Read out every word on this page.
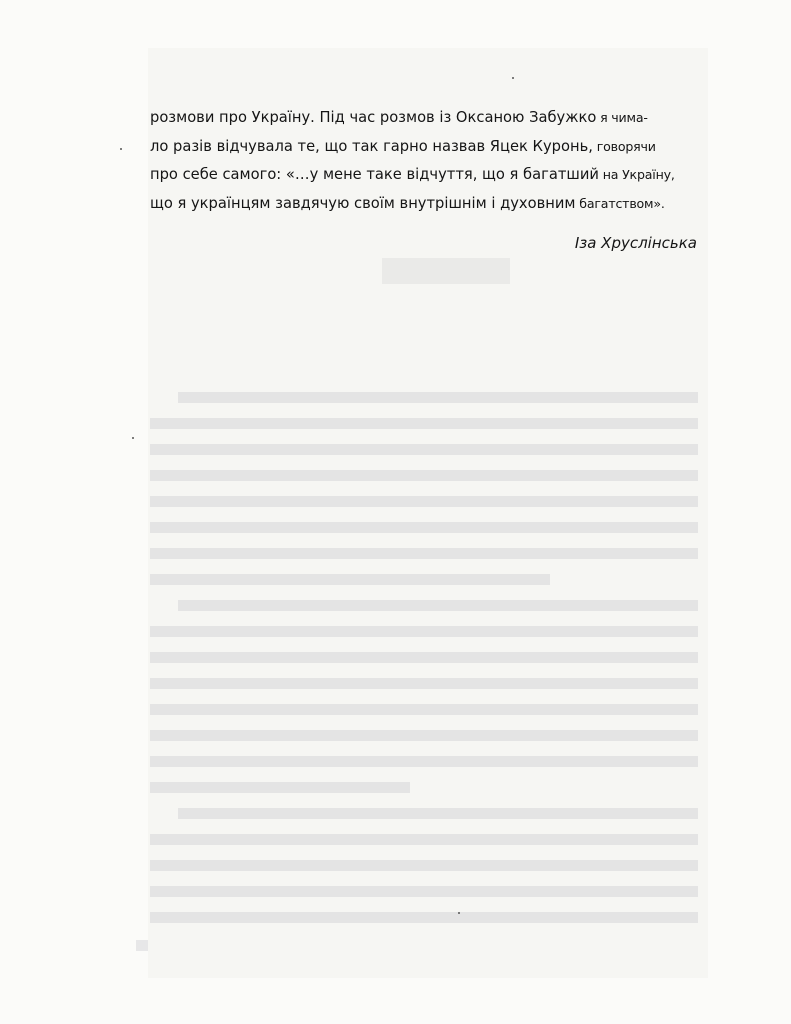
розмови про Україну. Під час розмов із Оксаною Забужко я чима-
ло разів відчувала те, що так гарно назвав Яцек Курoнь, говорячи
про себе самого: «…у мене таке відчуття, що я багатший на Україну,
що я українцям завдячую своїм внутрішнім і духовним багатством».

Іза Хруслінська
